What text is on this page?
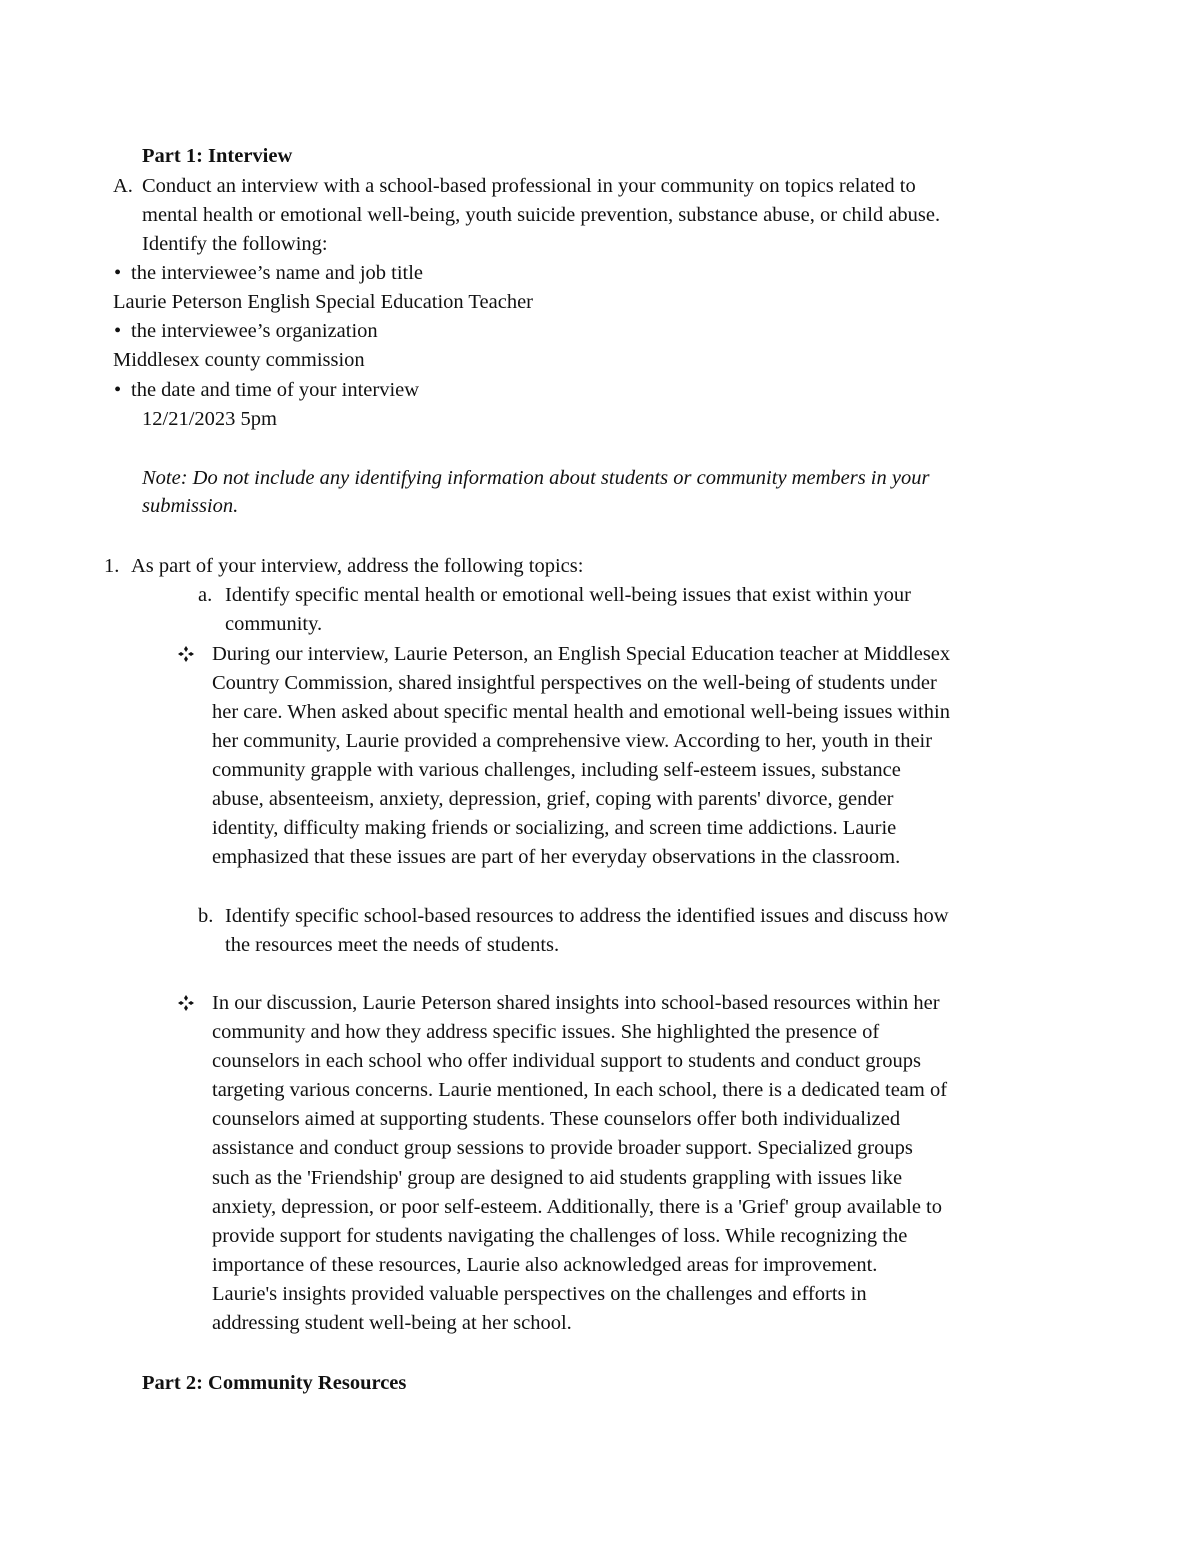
Part 1: Interview
A. Conduct an interview with a school-based professional in your community on topics related to
mental health or emotional well-being, youth suicide prevention, substance abuse, or child abuse.
Identify the following:
• the interviewee’s name and job title
Laurie Peterson English Special Education Teacher
• the interviewee’s organization
Middlesex county commission
• the date and time of your interview
12/21/2023 5pm
Note: Do not include any identifying information about students or community members in your
submission.
1. As part of your interview, address the following topics:
a. Identify specific mental health or emotional well-being issues that exist within your
community.
During our interview, Laurie Peterson, an English Special Education teacher at Middlesex
Country Commission, shared insightful perspectives on the well-being of students under
her care. When asked about specific mental health and emotional well-being issues within
her community, Laurie provided a comprehensive view. According to her, youth in their
community grapple with various challenges, including self-esteem issues, substance
abuse, absenteeism, anxiety, depression, grief, coping with parents' divorce, gender
identity, difficulty making friends or socializing, and screen time addictions. Laurie
emphasized that these issues are part of her everyday observations in the classroom.
b. Identify specific school-based resources to address the identified issues and discuss how
the resources meet the needs of students.
In our discussion, Laurie Peterson shared insights into school-based resources within her
community and how they address specific issues. She highlighted the presence of
counselors in each school who offer individual support to students and conduct groups
targeting various concerns. Laurie mentioned, In each school, there is a dedicated team of
counselors aimed at supporting students. These counselors offer both individualized
assistance and conduct group sessions to provide broader support. Specialized groups
such as the 'Friendship' group are designed to aid students grappling with issues like
anxiety, depression, or poor self-esteem. Additionally, there is a 'Grief' group available to
provide support for students navigating the challenges of loss. While recognizing the
importance of these resources, Laurie also acknowledged areas for improvement.
Laurie's insights provided valuable perspectives on the challenges and efforts in
addressing student well-being at her school.
Part 2: Community Resources
